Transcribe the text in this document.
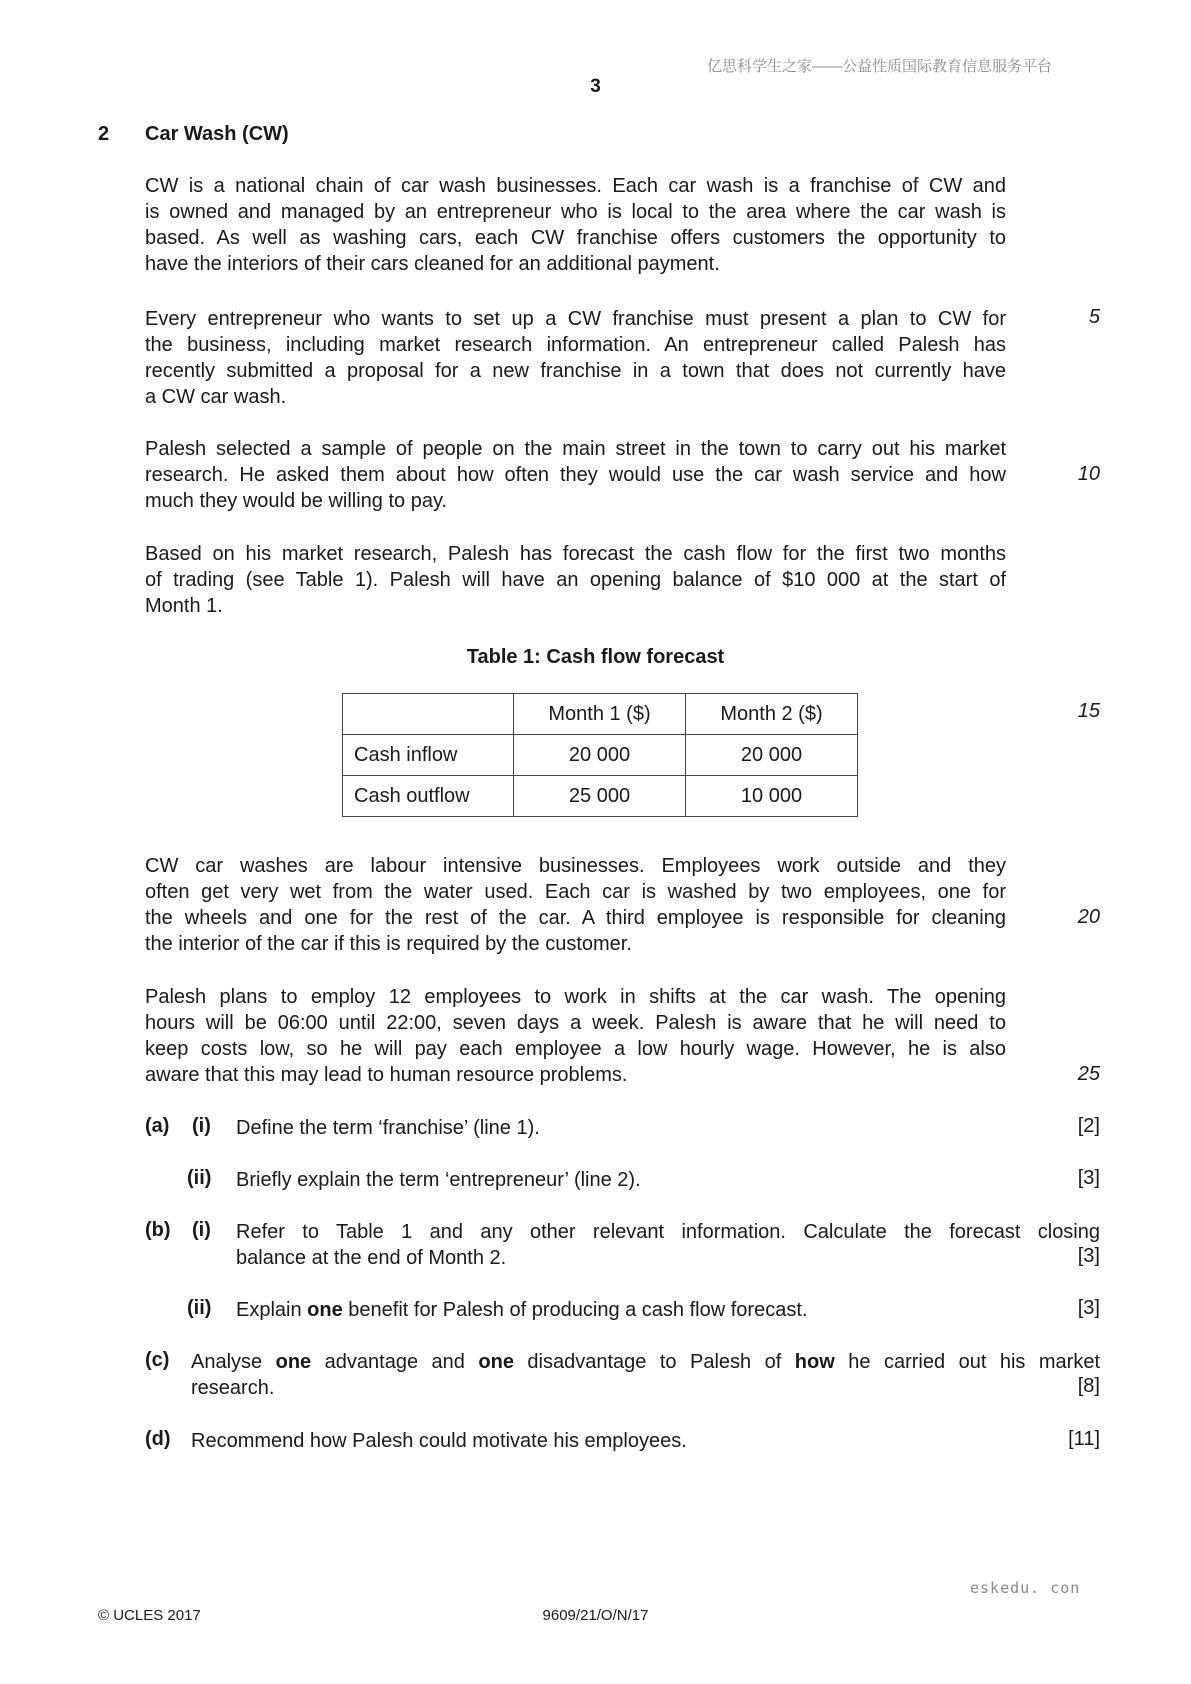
亿思科学生之家——公益性质国际教育信息服务平台
3
2 Car Wash (CW)

CW is a national chain of car wash businesses. Each car wash is a franchise of CW and
is owned and managed by an entrepreneur who is local to the area where the car wash is
based. As well as washing cars, each CW franchise offers customers the opportunity to
have the interiors of their cars cleaned for an additional payment.

Every entrepreneur who wants to set up a CW franchise must present a plan to CW for
the business, including market research information. An entrepreneur called Palesh has
recently submitted a proposal for a new franchise in a town that does not currently have
a CW car wash.

Palesh selected a sample of people on the main street in the town to carry out his market
research. He asked them about how often they would use the car wash service and how
much they would be willing to pay.

Based on his market research, Palesh has forecast the cash flow for the first two months
of trading (see Table 1). Palesh will have an opening balance of $10 000 at the start of
Month 1.

Table 1: Cash flow forecast
	Month 1 ($)	Month 2 ($)
Cash inflow	20 000	20 000
Cash outflow	25 000	10 000

CW car washes are labour intensive businesses. Employees work outside and they
often get very wet from the water used. Each car is washed by two employees, one for
the wheels and one for the rest of the car. A third employee is responsible for cleaning
the interior of the car if this is required by the customer.

Palesh plans to employ 12 employees to work in shifts at the car wash. The opening
hours will be 06:00 until 22:00, seven days a week. Palesh is aware that he will need to
keep costs low, so he will pay each employee a low hourly wage. However, he is also
aware that this may lead to human resource problems.

5
10
15
20
25
(a) (i) Define the term ‘franchise’ (line 1).	[2]
(ii) Briefly explain the term ‘entrepreneur’ (line 2).	[3]
(b) (i) Refer to Table 1 and any other relevant information. Calculate the forecast closing
balance at the end of Month 2.	[3]
(ii) Explain one benefit for Palesh of producing a cash flow forecast.	[3]
(c) Analyse one advantage and one disadvantage to Palesh of how he carried out his market
research.	[8]
(d) Recommend how Palesh could motivate his employees.	[11]
eskedu. con
© UCLES 2017	9609/21/O/N/17
